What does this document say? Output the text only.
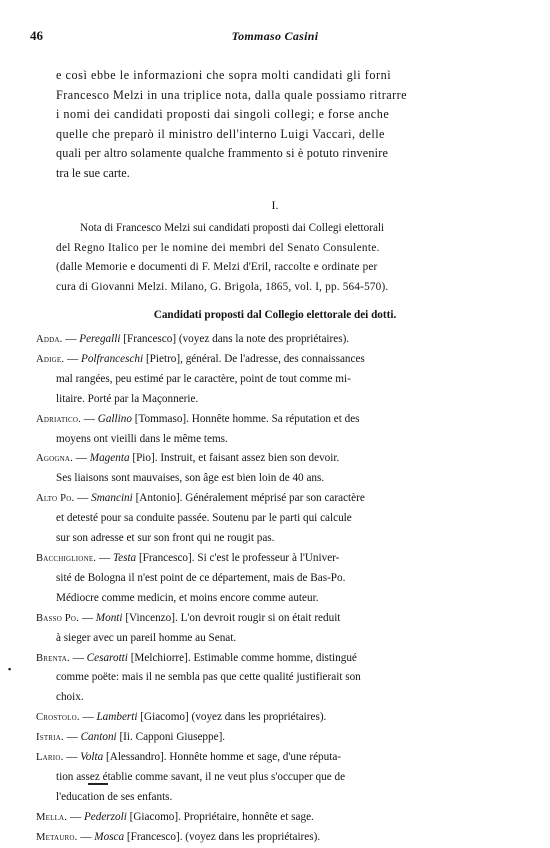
46	Tommaso Casini
e così ebbe le informazioni che sopra molti candidati gli fornì
Francesco Melzi in una triplice nota, dalla quale possiamo ritrarre
i nomi dei candidati proposti dai singoli collegi; e forse anche
quelle che preparò il ministro dell'interno Luigi Vaccari, delle
quali per altro solamente qualche frammento si è potuto rinvenire
tra le sue carte.
I.
Nota di Francesco Melzi sui candidati proposti dai Collegi elettorali
del Regno Italico per le nomine dei membri del Senato Consulente.
(dalle Memorie e documenti di F. Melzi d'Eril, raccolte e ordinate per
cura di Giovanni Melzi. Milano, G. Brigola, 1865, vol. I, pp. 564-570).
Candidati proposti dal Collegio elettorale dei dotti.
Adda. — Peregalli [Francesco] (voyez dans la note des propriétaires).
Adige. — Polfranceschi [Pietro], général. De l'adresse, des connaissances
mal rangées, peu estimé par le caractère, point de tout comme mi-
litaire. Porté par la Maçonnerie.
Adriatico. — Gallino [Tommaso]. Honnête homme. Sa réputation et des
moyens ont vieilli dans le même tems.
Agogna. — Magenta [Pio]. Instruit, et faisant assez bien son devoir.
Ses liaisons sont mauvaises, son âge est bien loin de 40 ans.
Alto Po. — Smancini [Antonio]. Généralement méprisé par son caractère
et detesté pour sa conduite passée. Soutenu par le parti qui calcule
sur son adresse et sur son front qui ne rougit pas.
Bacchiglione. — Testa [Francesco]. Si c'est le professeur à l'Univer-
sité de Bologna il n'est point de ce département, mais de Bas-Po.
Médiocre comme medicin, et moins encore comme auteur.
Basso Po. — Monti [Vincenzo]. L'on devroit rougir si on était reduit
à sieger avec un pareil homme au Senat.
Brenta. — Cesarotti [Melchiorre]. Estimable comme homme, distingué
comme poëte: mais il ne sembla pas que cette qualité justifierait son
choix.
Crostolo. — Lamberti [Giacomo] (voyez dans les propriétaires).
Istria. — Cantoni [Ii. Capponi Giuseppe].
Lario. — Volta [Alessandro]. Honnête homme et sage, d'une réputa-
tion assez établie comme savant, il ne veut plus s'occuper que de
l'education de ses enfants.
Mella. — Pederzoli [Giacomo]. Propriétaire, honnête et sage.
Metauro. — Mosca [Francesco]. (voyez dans les propriétaires).
▪
